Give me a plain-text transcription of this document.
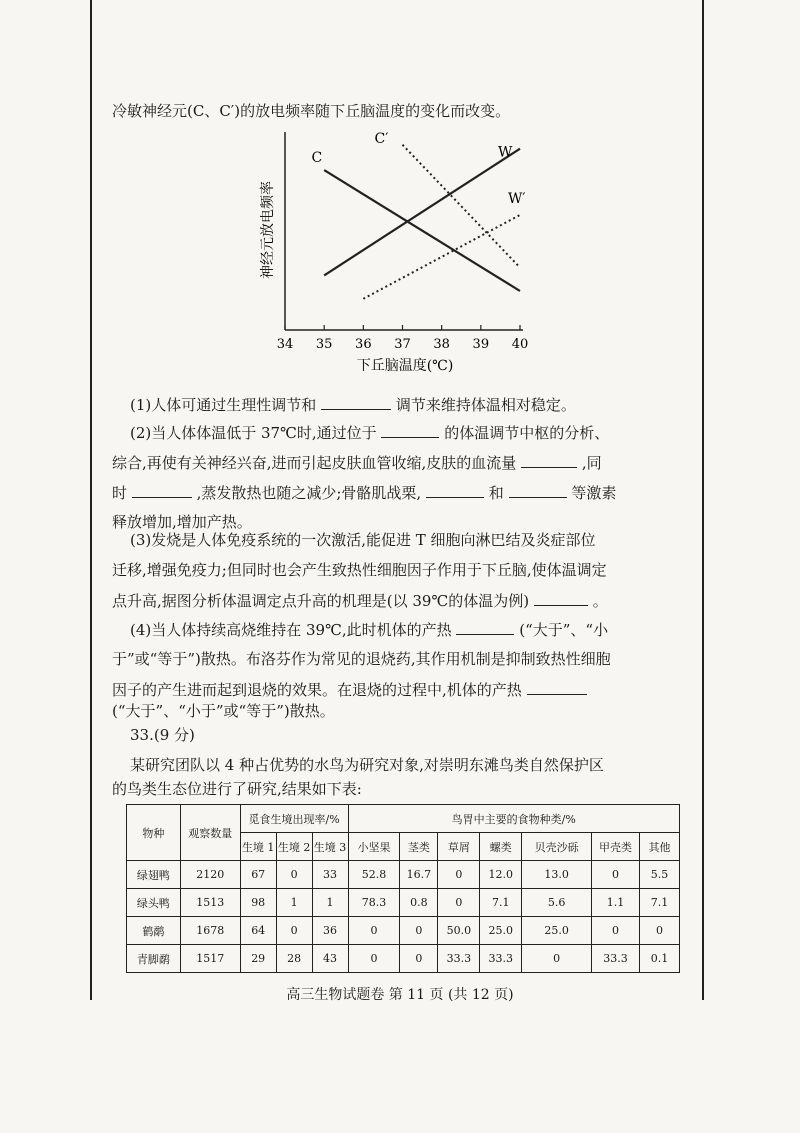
冷敏神经元(C、C′)的放电频率随下丘脑温度的变化而改变。
34 35 36 37 38 39 40
C	W
C′
W′
神经元放电频率
下丘脑温度(℃)
(1)人体可通过生理性调节和	调节来维持体温相对稳定。
(2)当人体体温低于 37℃时,通过位于	的体温调节中枢的分析、
综合,再使有关神经兴奋,进而引起皮肤血管收缩,皮肤的血流量	,同
时	,蒸发散热也随之减少;骨骼肌战栗,	和	等激素
释放增加,增加产热。
(3)发烧是人体免疫系统的一次激活,能促进 T 细胞向淋巴结及炎症部位
迁移,增强免疫力;但同时也会产生致热性细胞因子作用于下丘脑,使体温调定
点升高,据图分析体温调定点升高的机理是(以 39℃的体温为例)	。
(4)当人体持续高烧维持在 39℃,此时机体的产热	(“大于”、“小
于”或“等于”)散热。布洛芬作为常见的退烧药,其作用机制是抑制致热性细胞
因子的产生进而起到退烧的效果。在退烧的过程中,机体的产热
(“大于”、“小于”或“等于”)散热。
33.(9 分)
某研究团队以 4 种占优势的水鸟为研究对象,对崇明东滩鸟类自然保护区
的鸟类生态位进行了研究,结果如下表:
物种	观察数量	觅食生境出现率/%			鸟胃中主要的食物种类/%						
		生境 1	生境 2	生境 3	小坚果	茎类	草屑	螺类	贝壳沙砾	甲壳类	其他
绿翅鸭	2120	67	0	33	52.8	16.7	0	12.0	13.0	0	5.5
绿头鸭	1513	98	1	1	78.3	0.8	0	7.1	5.6	1.1	7.1
鹤鹬	1678	64	0	36	0	0	50.0	25.0	25.0	0	0
青脚鹬	1517	29	28	43	0	0	33.3	33.3	0	33.3	0.1
高三生物试题卷 第 11 页 (共 12 页)
